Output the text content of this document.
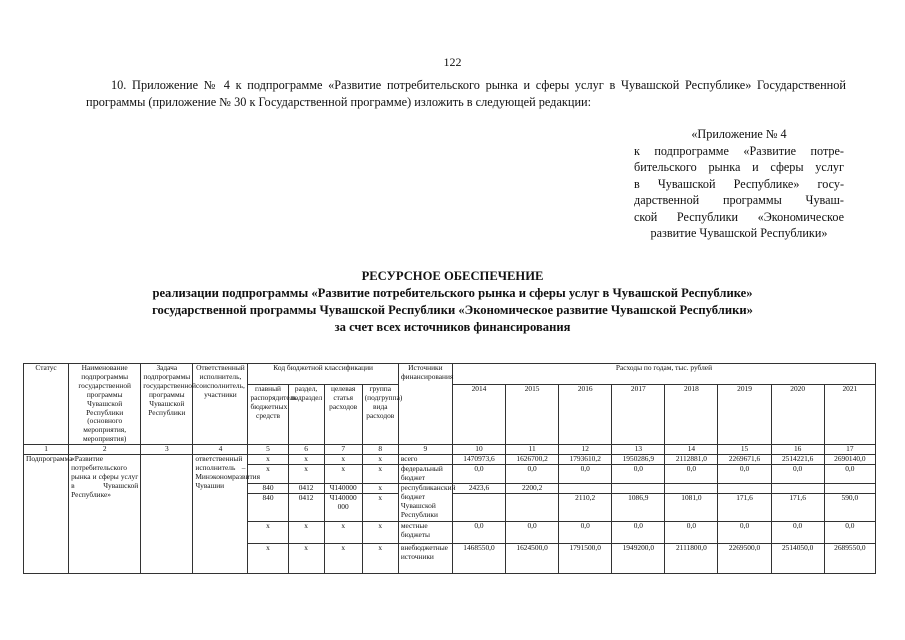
122
10. Приложение № 4 к подпрограмме «Развитие потребительского рынка и сферы услуг в Чувашской Республике» Государственной программы (приложение № 30 к Государственной программе) изложить в следующей редакции:
«Приложение № 4
к подпрограмме «Развитие потре-
бительского рынка и сферы услуг
в Чувашской Республике» госу-
дарственной программы Чуваш-
ской Республики «Экономическое
развитие Чувашской Республики»
РЕСУРСНОЕ ОБЕСПЕЧЕНИЕ
реализации подпрограммы «Развитие потребительского рынка и сферы услуг в Чувашской Республике»
государственной программы Чувашской Республики «Экономическое развитие Чувашской Республики»
за счет всех источников финансирования
Статус	Наименование подпрограммы государственной программы Чувашской Республики (основного мероприятия, мероприятия)	Задача подпрограммы государственной программы Чувашской Республики	Ответственный исполнитель, соисполнитель, участники	Код бюджетной классификации				Источники финансирования	Расходы по годам, тыс. рублей							
				главный распорядитель бюджетных средств	раздел, подраздел	целевая статья расходов	группа (подгруппа) вида расходов		2014	2015	2016	2017	2018	2019	2020	2021
1	2	3	4	5	6	7	8	9	10	11	12	13	14	15	16	17
Подпрограмма	«Развитие потребительского рынка и сферы услуг в Чувашской Республике»		ответственный исполнитель – Минэкономразвития Чувашии	x	x	x	x	всего	1470973,6	1626700,2	1793610,2	1950286,9	2112881,0	2269671,6	2514221,6	2690140,0
				x	x	x	x	федеральный бюджет	0,0	0,0	0,0	0,0	0,0	0,0	0,0	0,0
				840	0412	Ч140000	x	республиканский бюджет Чувашской Республики	2423,6	2200,2						
				840	0412	Ч140000 000	x				2110,2	1086,9	1081,0	171,6	171,6	590,0
				x	x	x	x	местные бюджеты	0,0	0,0	0,0	0,0	0,0	0,0	0,0	0,0
				x	x	x	x	внебюджетные источники	1468550,0	1624500,0	1791500,0	1949200,0	2111800,0	2269500,0	2514050,0	2689550,0
